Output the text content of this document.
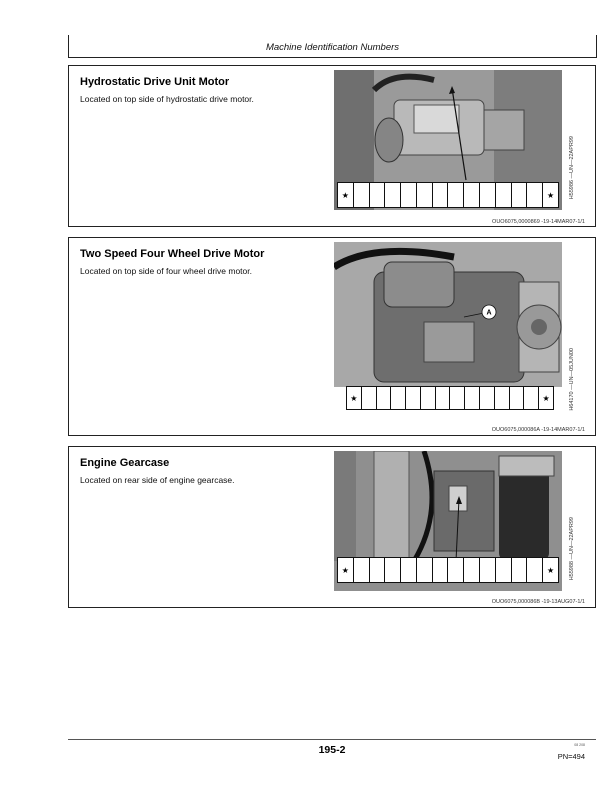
Machine Identification Numbers
Hydrostatic Drive Unit Motor
Located on top side of hydrostatic drive motor.
★	★	H55986 —UN—22APR99
OUO6075,0000869 -19-14MAR07-1/1
Two Speed Four Wheel Drive Motor
Located on top side of four wheel drive motor.
A
★	★	H64170 —UN—05JUN00
OUO6075,000086A -19-14MAR07-1/1
Engine Gearcase
Located on rear side of engine gearcase.
★	★	H55988 —UN—22APR99
OUO6075,000086B -19-13AUG07-1/1
195-2	08 208
PN=494
